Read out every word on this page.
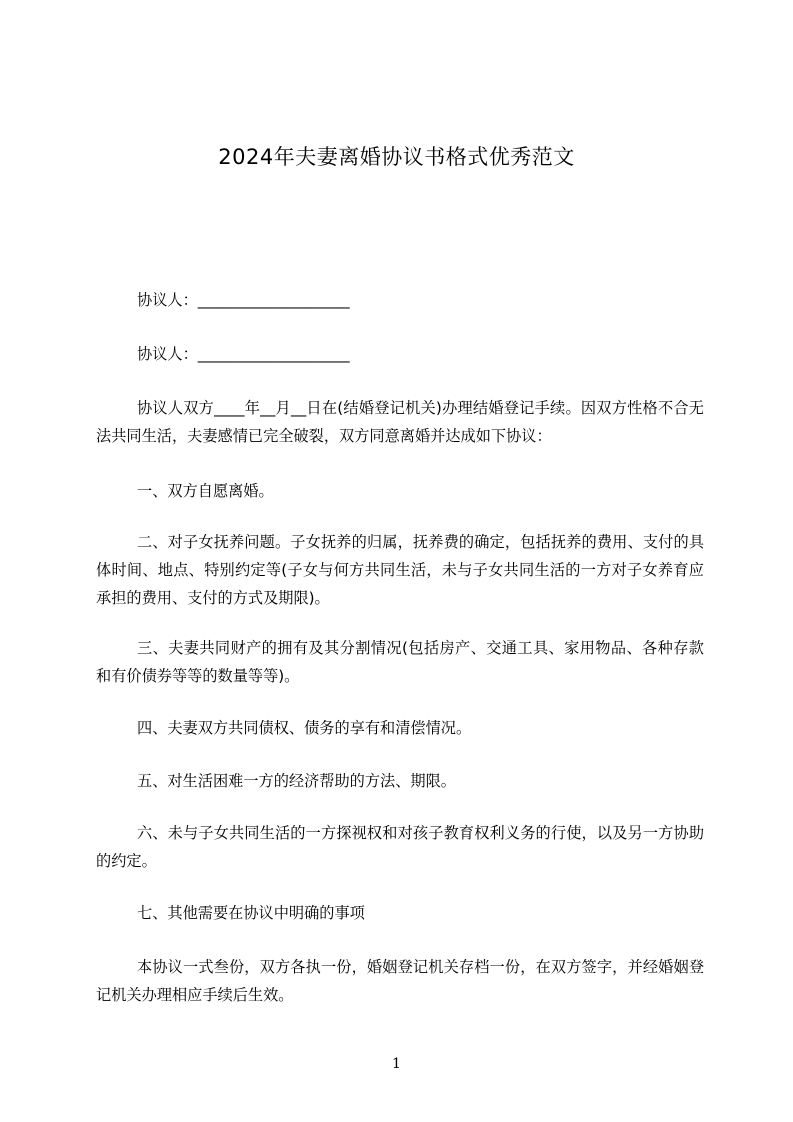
2024年夫妻离婚协议书格式优秀范文
协议人：____________________
协议人：____________________

协议人双方____年__月__日在(结婚登记机关)办理结婚登记手续。因双方性格不合无法共同生活，夫妻感情已完全破裂，双方同意离婚并达成如下协议：

一、双方自愿离婚。

二、对子女抚养问题。子女抚养的归属，抚养费的确定，包括抚养的费用、支付的具体时间、地点、特别约定等(子女与何方共同生活，未与子女共同生活的一方对子女养育应承担的费用、支付的方式及期限)。

三、夫妻共同财产的拥有及其分割情况(包括房产、交通工具、家用物品、各种存款和有价债券等等的数量等等)。

四、夫妻双方共同债权、债务的享有和清偿情况。

五、对生活困难一方的经济帮助的方法、期限。

六、未与子女共同生活的一方探视权和对孩子教育权利义务的行使，以及另一方协助的约定。

七、其他需要在协议中明确的事项

本协议一式叁份，双方各执一份，婚姻登记机关存档一份，在双方签字，并经婚姻登记机关办理相应手续后生效。

1
